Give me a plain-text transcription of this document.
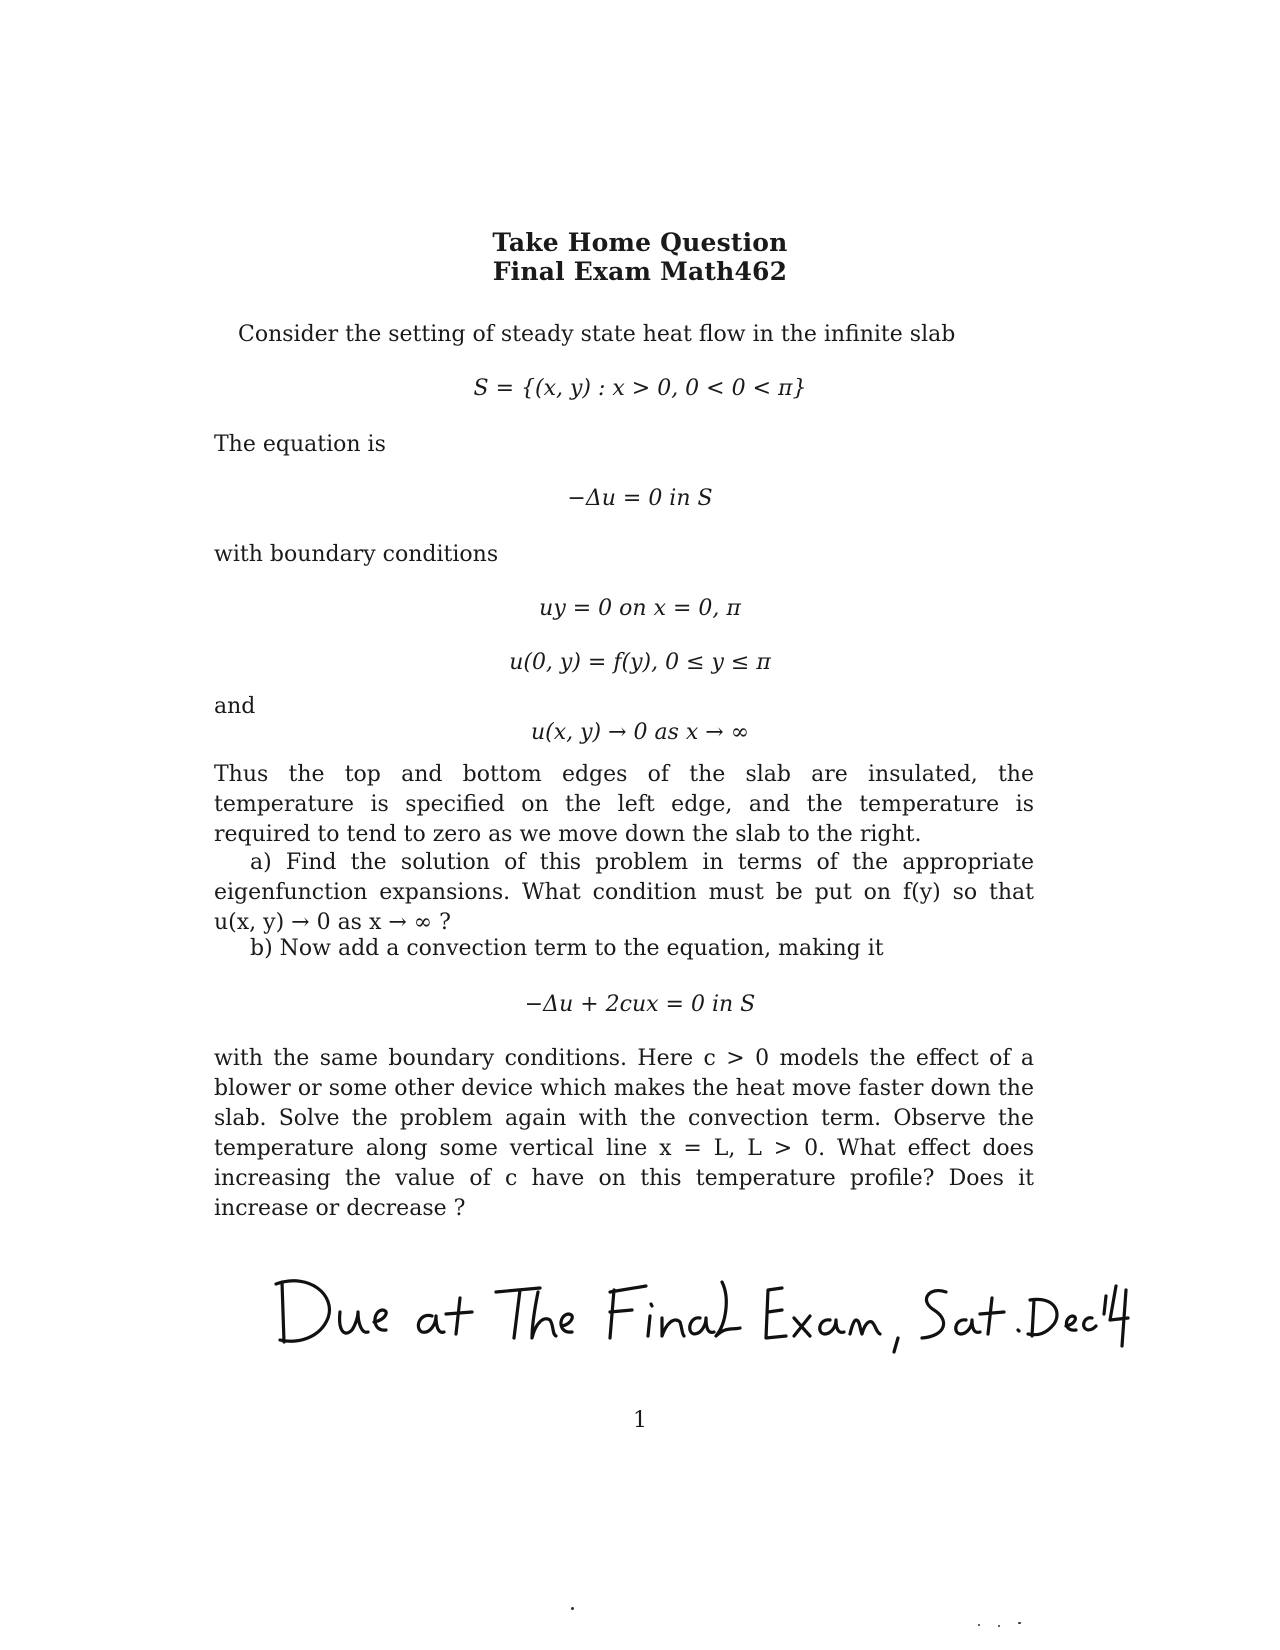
Take Home Question
Final Exam Math462
Consider the setting of steady state heat flow in the infinite slab
S = {(x, y) : x > 0, 0 < 0 < π}
The equation is
−Δu = 0 in S
with boundary conditions
uy = 0 on x = 0, π
u(0, y) = f(y), 0 ≤ y ≤ π
and
u(x, y) → 0 as x → ∞
Thus the top and bottom edges of the slab are insulated, the temperature is specified on the left edge, and the temperature is required to tend to zero as we move down the slab to the right.
a) Find the solution of this problem in terms of the appropriate eigenfunction expansions. What condition must be put on f(y) so that u(x, y) → 0 as x → ∞ ?
b) Now add a convection term to the equation, making it
−Δu + 2cux = 0 in S
with the same boundary conditions. Here c > 0 models the effect of a blower or some other device which makes the heat move faster down the slab. Solve the problem again with the convection term. Observe the temperature along some vertical line x = L, L > 0. What effect does increasing the value of c have on this temperature profile? Does it increase or decrease ?
1
